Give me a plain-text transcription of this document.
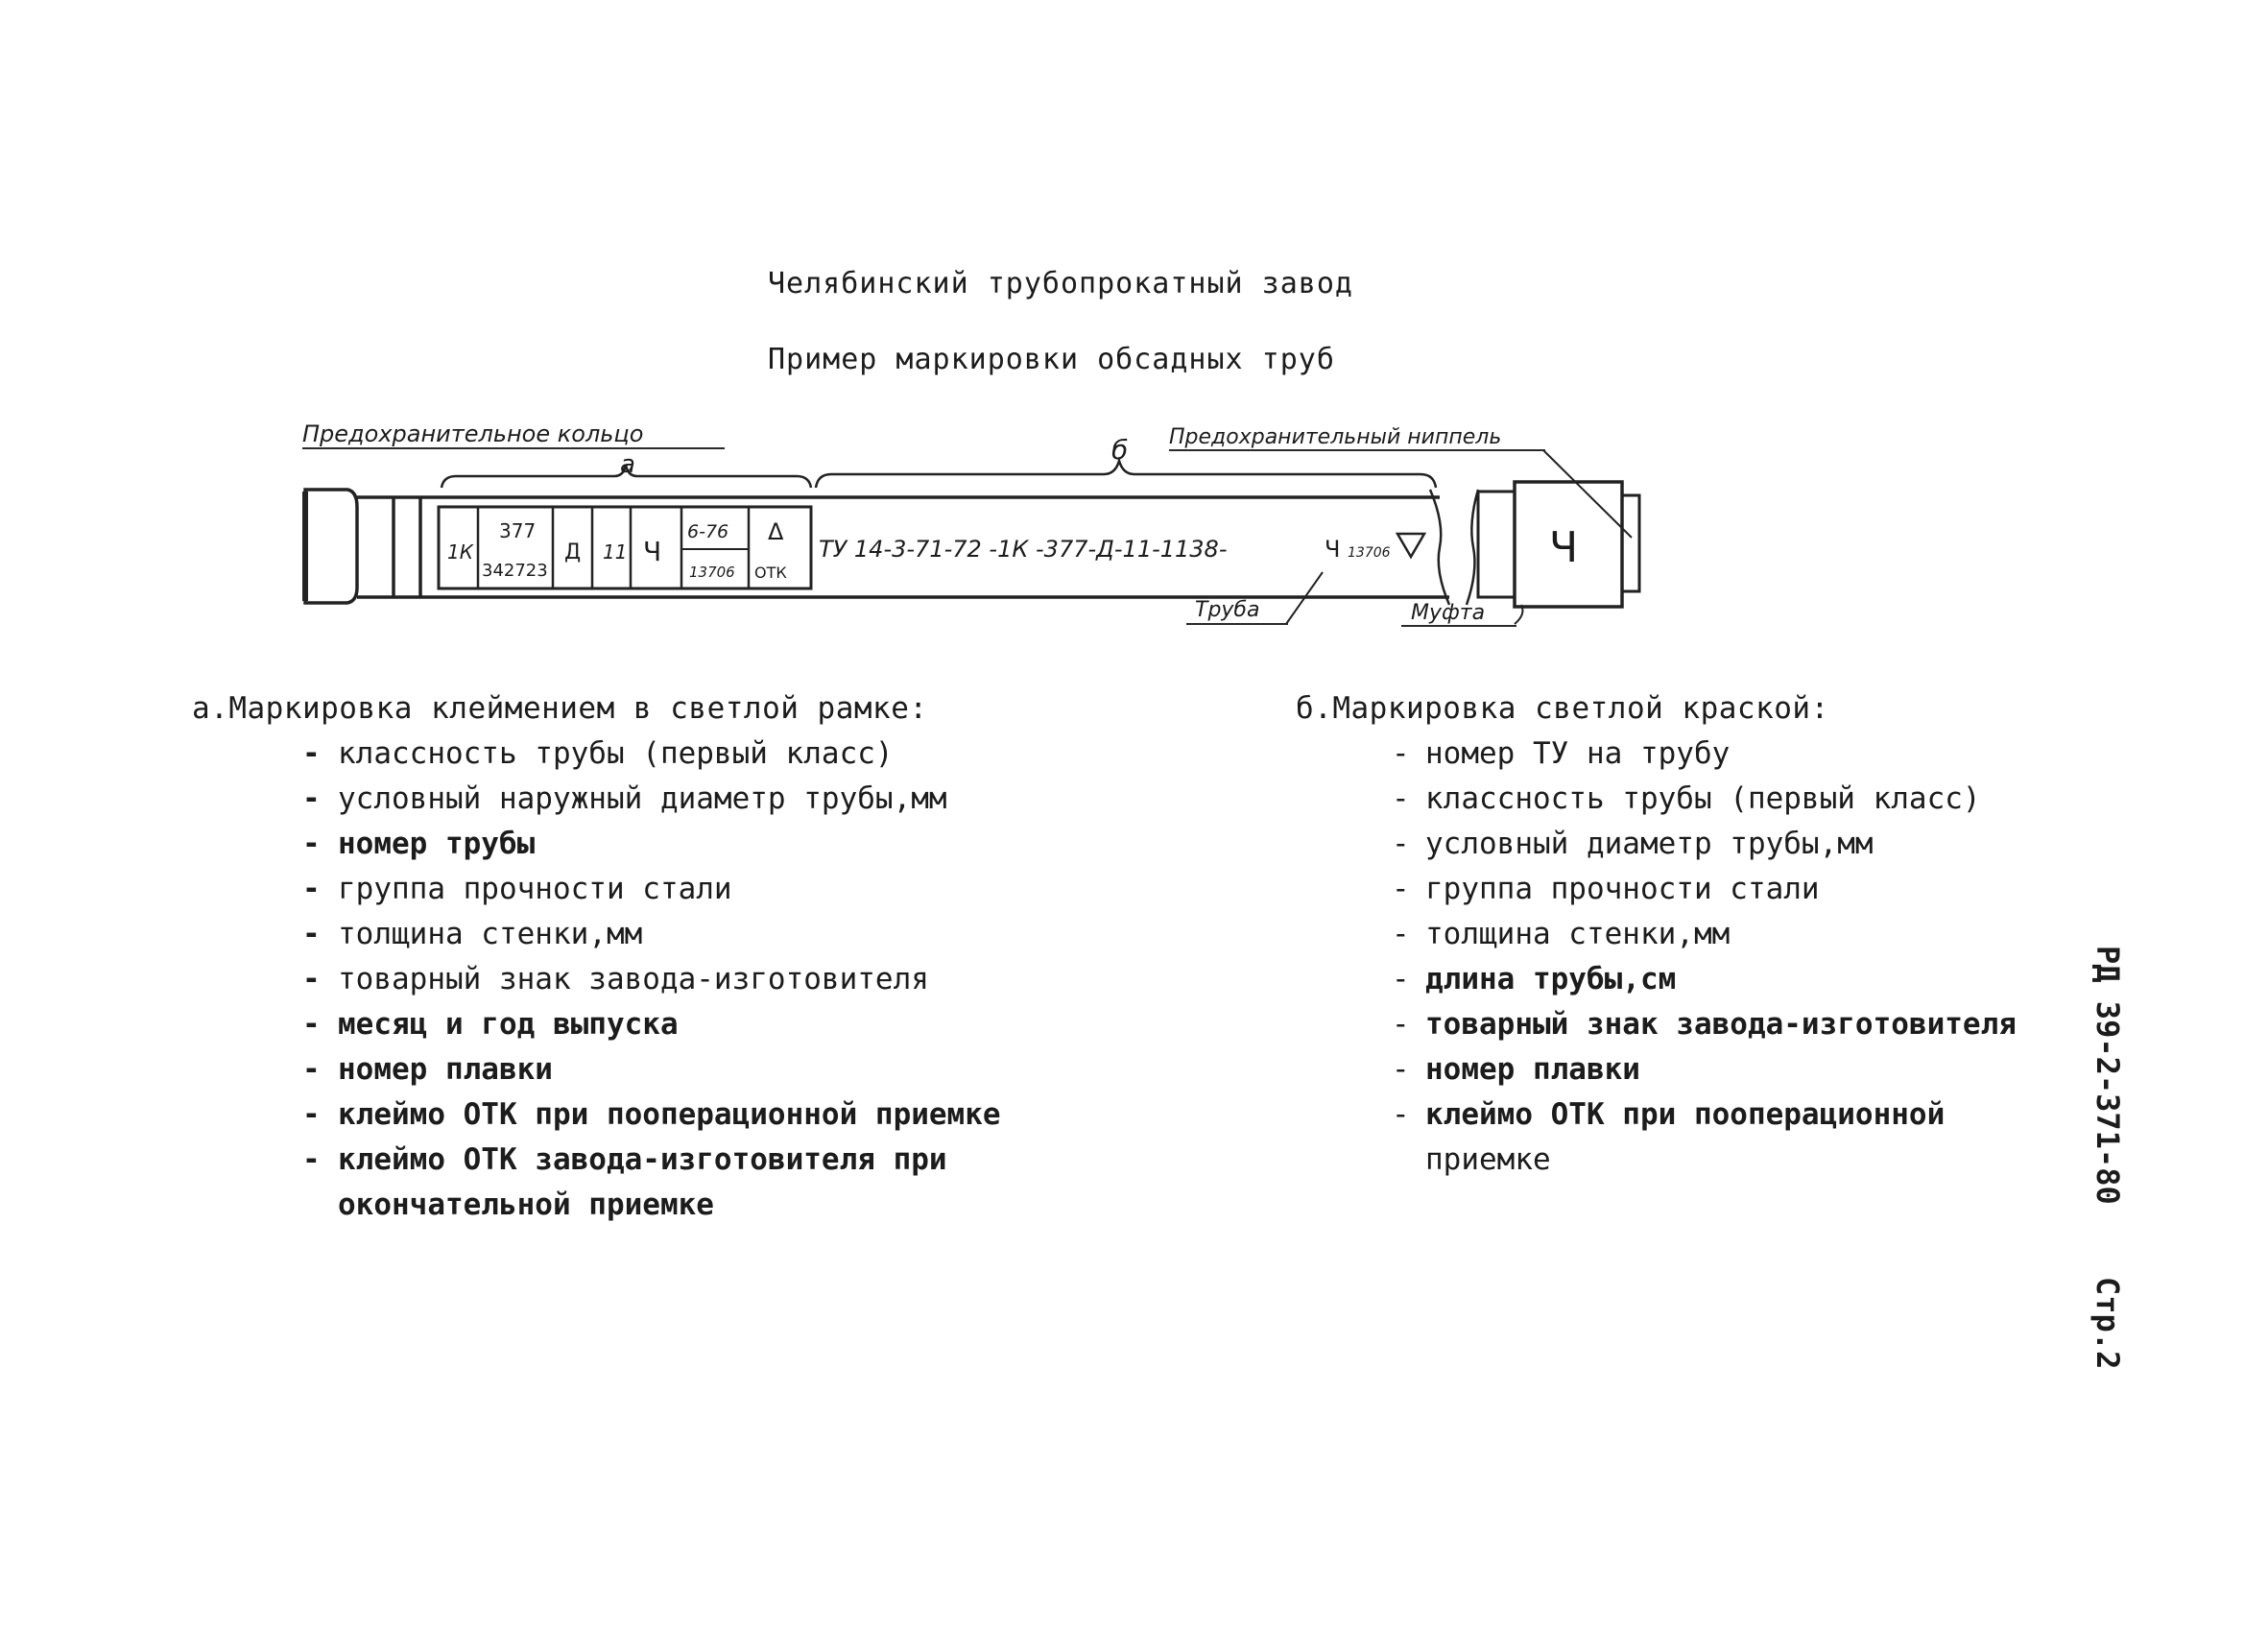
Челябинский трубопрокатный завод
Пример маркировки обсадных труб
Предохранительное кольцо	Предохранительный ниппель
а	б
1К
377
342723
Д 11 Ч
6-76
13706
Δ
ОТК
ТУ 14-3-71-72 -1К -377-Д-11-1138-	Ч 13706	Ч
Труба	Муфта
а.Маркировка клеймением в светлой рамке:
- классность трубы (первый класс)
- условный наружный диаметр трубы,мм
- номер трубы
- группа прочности стали
- толщина стенки,мм
- товарный знак завода-изготовителя
- месяц и год выпуска
- номер плавки
- клеймо ОТК при пооперационной приемке
- клеймо ОТК завода-изготовителя при
окончательной приемке
б.Маркировка светлой краской:
- номер ТУ на трубу
- классность трубы (первый класс)
- условный диаметр трубы,мм
- группа прочности стали
- толщина стенки,мм
- длина трубы,см
- товарный знак завода-изготовителя
- номер плавки
- клеймо ОТК при пооперационной
приемке	РД 39-2-371-80
Стр.2
